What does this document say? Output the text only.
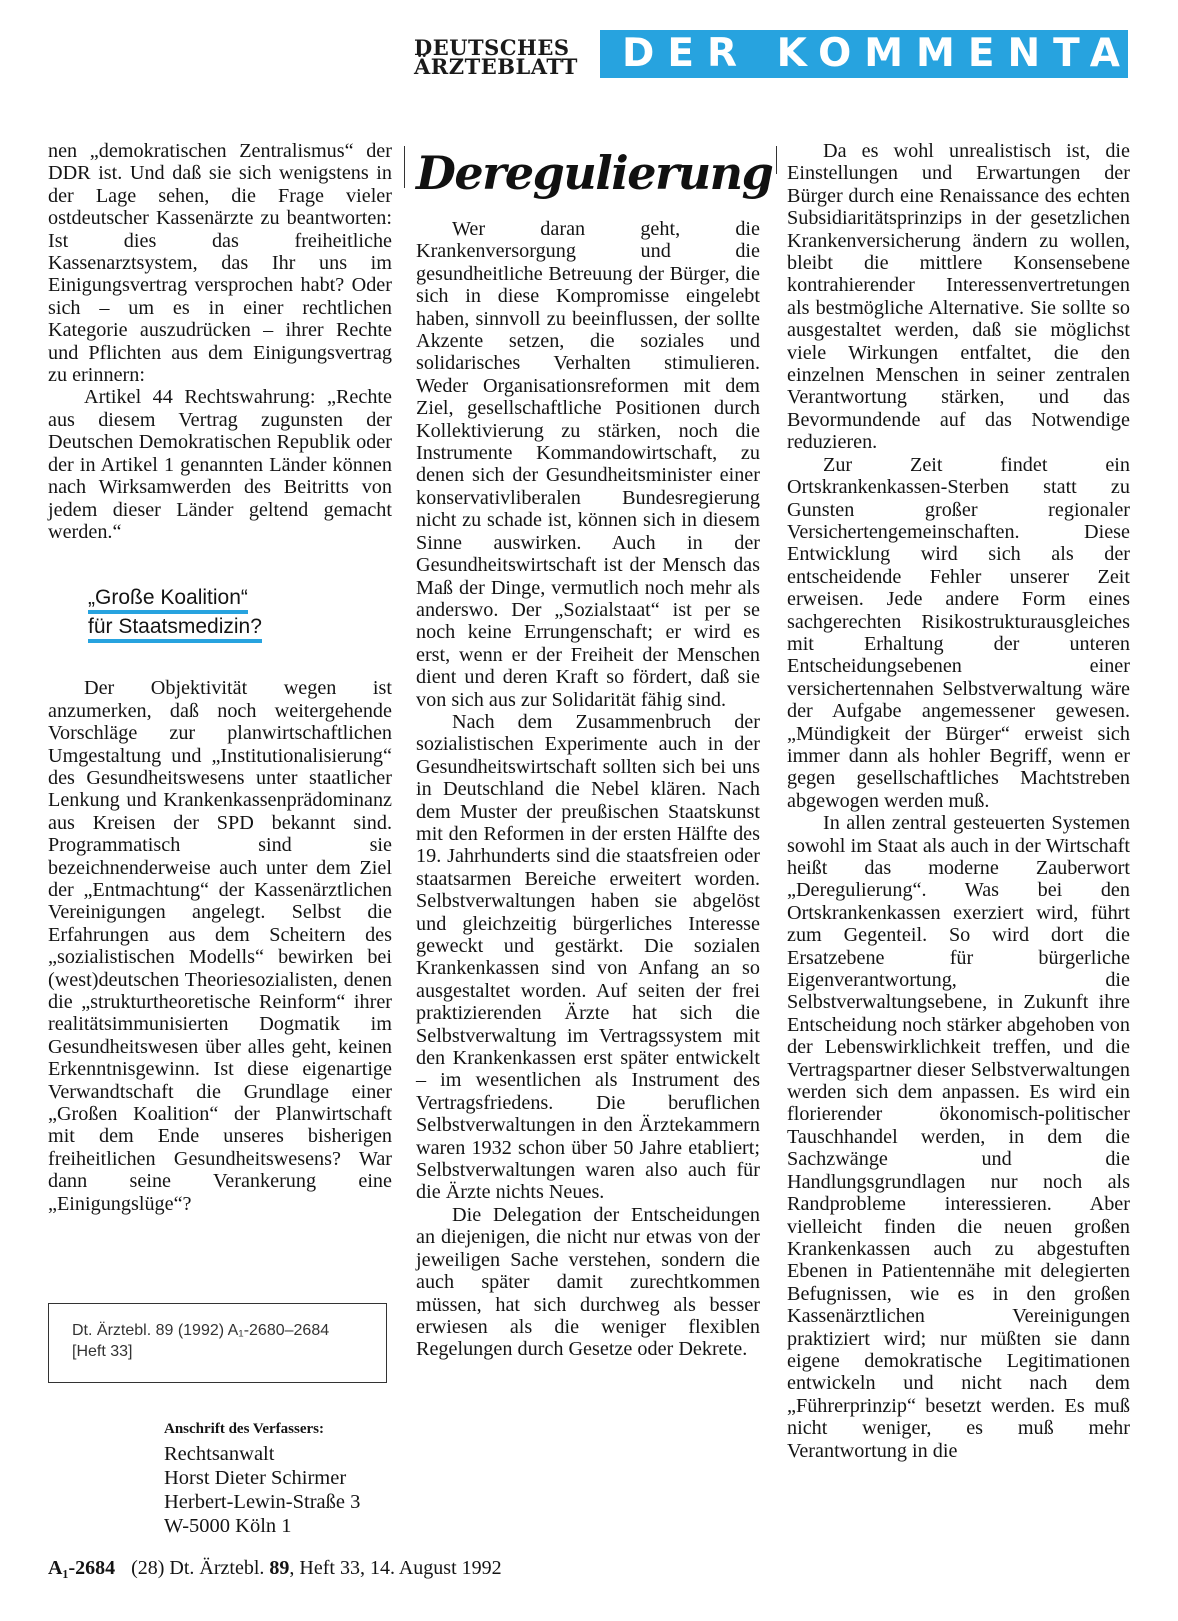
DEUTSCHES
ÄRZTEBLATT	DER KOMMENTAR

nen „demokratischen Zentralismus“ der DDR ist. Und daß sie sich wenigstens in der Lage sehen, die Frage vieler ostdeutscher Kassenärzte zu beantworten: Ist dies das freiheitliche Kassenarztsystem, das Ihr uns im Einigungsvertrag versprochen habt? Oder sich – um es in einer rechtlichen Kategorie auszudrücken – ihrer Rechte und Pflichten aus dem Einigungsvertrag zu erinnern:

Artikel 44 Rechtswahrung: „Rechte aus diesem Vertrag zugunsten der Deutschen Demokratischen Republik oder der in Artikel 1 genannten Länder können nach Wirksamwerden des Beitritts von jedem dieser Länder geltend gemacht werden.“

„Große Koalition“
für Staatsmedizin?

Der Objektivität wegen ist anzumerken, daß noch weitergehende Vorschläge zur planwirtschaftlichen Umgestaltung und „Institutionalisierung“ des Gesundheitswesens unter staatlicher Lenkung und Krankenkassenprädominanz aus Kreisen der SPD bekannt sind. Programmatisch sind sie bezeichnenderweise auch unter dem Ziel der „Entmachtung“ der Kassenärztlichen Vereinigungen angelegt. Selbst die Erfahrungen aus dem Scheitern des „sozialistischen Modells“ bewirken bei (west)deutschen Theoriesozialisten, denen die „strukturtheoretische Reinform“ ihrer realitätsimmunisierten Dogmatik im Gesundheitswesen über alles geht, keinen Erkenntnisgewinn. Ist diese eigenartige Verwandtschaft die Grundlage einer „Großen Koalition“ der Planwirtschaft mit dem Ende unseres bisherigen freiheitlichen Gesundheitswesens? War dann seine Verankerung eine „Einigungslüge“?

Deregulierung

Wer daran geht, die Krankenversorgung und die gesundheitliche Betreuung der Bürger, die sich in diese Kompromisse eingelebt haben, sinnvoll zu beeinflussen, der sollte Akzente setzen, die soziales und solidarisches Verhalten stimulieren. Weder Organisationsreformen mit dem Ziel, gesellschaftliche Positionen durch Kollektivierung zu stärken, noch die Instrumente Kommandowirtschaft, zu denen sich der Gesundheitsminister einer konservativliberalen Bundesregierung nicht zu schade ist, können sich in diesem Sinne auswirken. Auch in der Gesundheitswirtschaft ist der Mensch das Maß der Dinge, vermutlich noch mehr als anderswo. Der „Sozialstaat“ ist per se noch keine Errungenschaft; er wird es erst, wenn er der Freiheit der Menschen dient und deren Kraft so fördert, daß sie von sich aus zur Solidarität fähig sind.

Nach dem Zusammenbruch der sozialistischen Experimente auch in der Gesundheitswirtschaft sollten sich bei uns in Deutschland die Nebel klären. Nach dem Muster der preußischen Staatskunst mit den Reformen in der ersten Hälfte des 19. Jahrhunderts sind die staatsfreien oder staatsarmen Bereiche erweitert worden. Selbstverwaltungen haben sie abgelöst und gleichzeitig bürgerliches Interesse geweckt und gestärkt. Die sozialen Krankenkassen sind von Anfang an so ausgestaltet worden. Auf seiten der frei praktizierenden Ärzte hat sich die Selbstverwaltung im Vertragssystem mit den Krankenkassen erst später entwickelt – im wesentlichen als Instrument des Vertragsfriedens. Die beruflichen Selbstverwaltungen in den Ärztekammern waren 1932 schon über 50 Jahre etabliert; Selbstverwaltungen waren also auch für die Ärzte nichts Neues.

Die Delegation der Entscheidungen an diejenigen, die nicht nur etwas von der jeweiligen Sache verstehen, sondern die auch später damit zurechtkommen müssen, hat sich durchweg als besser erwiesen als die weniger flexiblen Regelungen durch Gesetze oder Dekrete.

Da es wohl unrealistisch ist, die Einstellungen und Erwartungen der Bürger durch eine Renaissance des echten Subsidiaritätsprinzips in der gesetzlichen Krankenversicherung ändern zu wollen, bleibt die mittlere Konsensebene kontrahierender Interessenvertretungen als bestmögliche Alternative. Sie sollte so ausgestaltet werden, daß sie möglichst viele Wirkungen entfaltet, die den einzelnen Menschen in seiner zentralen Verantwortung stärken, und das Bevormundende auf das Notwendige reduzieren.

Zur Zeit findet ein Ortskrankenkassen-Sterben statt zu Gunsten großer regionaler Versichertengemeinschaften. Diese Entwicklung wird sich als der entscheidende Fehler unserer Zeit erweisen. Jede andere Form eines sachgerechten Risikostrukturausgleiches mit Erhaltung der unteren Entscheidungsebenen einer versichertennahen Selbstverwaltung wäre der Aufgabe angemessener gewesen. „Mündigkeit der Bürger“ erweist sich immer dann als hohler Begriff, wenn er gegen gesellschaftliches Machtstreben abgewogen werden muß.

In allen zentral gesteuerten Systemen sowohl im Staat als auch in der Wirtschaft heißt das moderne Zauberwort „Deregulierung“. Was bei den Ortskrankenkassen exerziert wird, führt zum Gegenteil. So wird dort die Ersatzebene für bürgerliche Eigenverantwortung, die Selbstverwaltungsebene, in Zukunft ihre Entscheidung noch stärker abgehoben von der Lebenswirklichkeit treffen, und die Vertragspartner dieser Selbstverwaltungen werden sich dem anpassen. Es wird ein florierender ökonomisch-politischer Tauschhandel werden, in dem die Sachzwänge und die Handlungsgrundlagen nur noch als Randprobleme interessieren. Aber vielleicht finden die neuen großen Krankenkassen auch zu abgestuften Ebenen in Patientennähe mit delegierten Befugnissen, wie es in den großen Kassenärztlichen Vereinigungen praktiziert wird; nur müßten sie dann eigene demokratische Legitimationen entwickeln und nicht nach dem „Führerprinzip“ besetzt werden. Es muß nicht weniger, es muß mehr Verantwortung in die

Dt. Ärztebl. 89 (1992) A₁-2680–2684
[Heft 33]
Anschrift des Verfassers:
Rechtsanwalt
Horst Dieter Schirmer
Herbert-Lewin-Straße 3
W-5000 Köln 1
A₁-2684 (28) Dt. Ärztebl. 89, Heft 33, 14. August 1992
